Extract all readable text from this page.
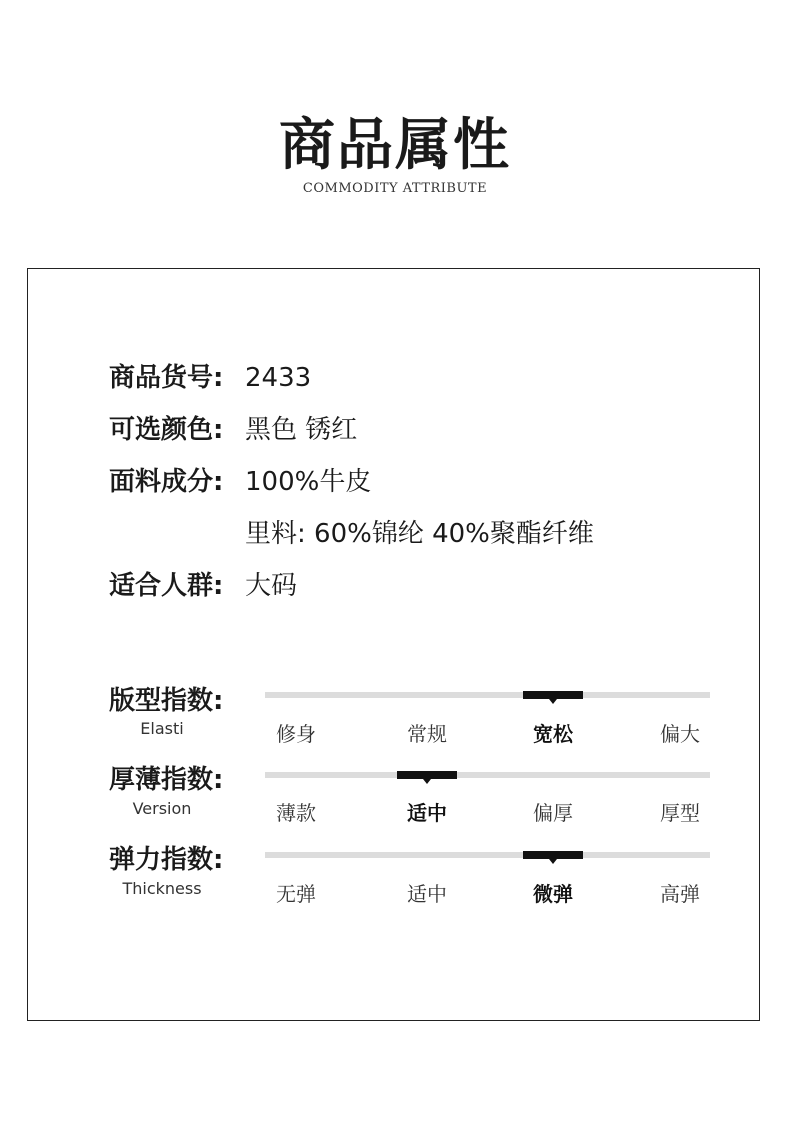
商品属性
COMMODITY ATTRIBUTE
商品货号: 2433
可选颜色: 黑色 锈红
面料成分: 100%牛皮
里料: 60%锦纶 40%聚酯纤维
适合人群: 大码
版型指数:
Elasti	修身	常规	宽松	偏大
厚薄指数:
Version	薄款	适中	偏厚	厚型
弹力指数:
Thickness	无弹	适中	微弹	高弹
